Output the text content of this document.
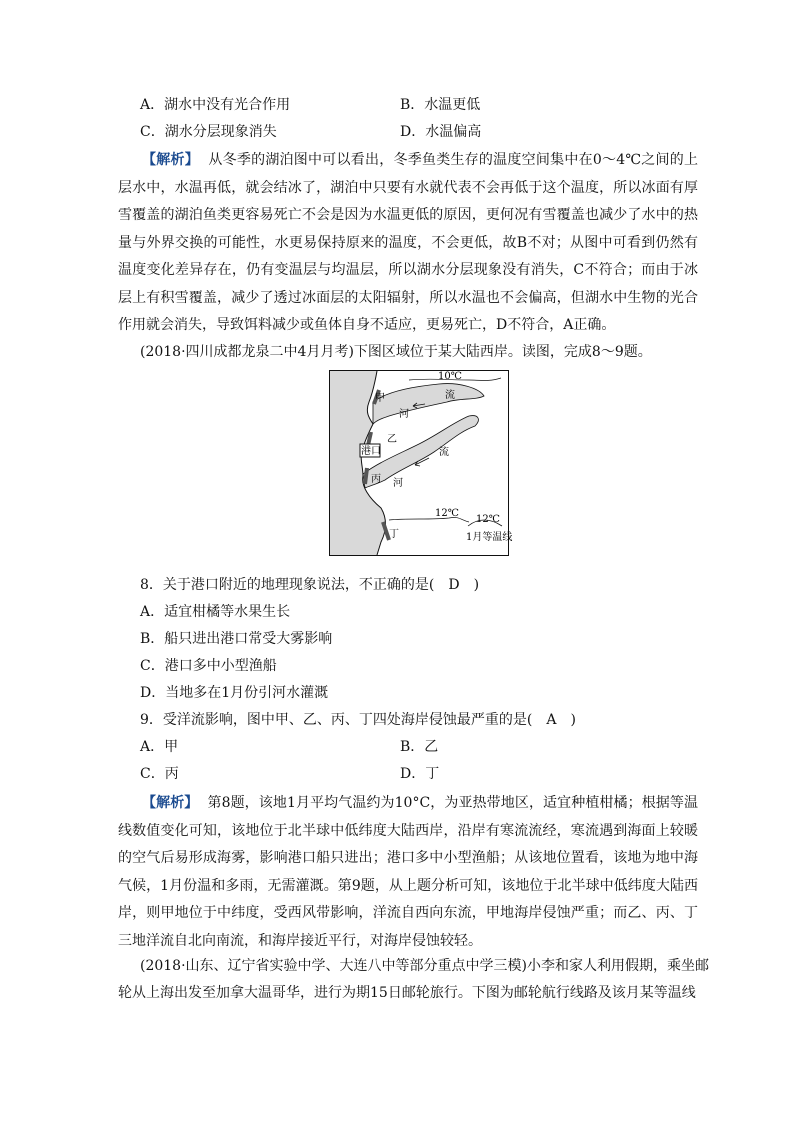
A．湖水中没有光合作用	B．水温更低
C．湖水分层现象消失	D．水温偏高
【解析】 从冬季的湖泊图中可以看出，冬季鱼类生存的温度空间集中在0～4℃之间的上层水中，水温再低，就会结冰了，湖泊中只要有水就代表不会再低于这个温度，所以冰面有厚雪覆盖的湖泊鱼类更容易死亡不会是因为水温更低的原因，更何况有雪覆盖也减少了水中的热量与外界交换的可能性，水更易保持原来的温度，不会更低，故B不对；从图中可看到仍然有温度变化差异存在，仍有变温层与均温层，所以湖水分层现象没有消失，C不符合；而由于冰层上有积雪覆盖，减少了透过冰面层的太阳辐射，所以水温也不会偏高，但湖水中生物的光合作用就会消失，导致饵料减少或鱼体自身不适应，更易死亡，D不符合，A正确。
(2018·四川成都龙泉二中4月月考)下图区域位于某大陆西岸。读图，完成8～9题。
10℃
甲
河
流
乙
港口	流
丙 河
12℃
丁
12℃
1月等温线
8．关于港口附近的地理现象说法，不正确的是(　D　)
A．适宜柑橘等水果生长
B．船只进出港口常受大雾影响
C．港口多中小型渔船
D．当地多在1月份引河水灌溉
9．受洋流影响，图中甲、乙、丙、丁四处海岸侵蚀最严重的是(　A　)
A．甲	B．乙
C．丙	D．丁
【解析】 第8题，该地1月平均气温约为10°C，为亚热带地区，适宜种植柑橘；根据等温线数值变化可知，该地位于北半球中低纬度大陆西岸，沿岸有寒流流经，寒流遇到海面上较暖的空气后易形成海雾，影响港口船只进出；港口多中小型渔船；从该地位置看，该地为地中海气候，1月份温和多雨，无需灌溉。第9题，从上题分析可知，该地位于北半球中低纬度大陆西岸，则甲地位于中纬度，受西风带影响，洋流自西向东流，甲地海岸侵蚀严重；而乙、丙、丁三地洋流自北向南流，和海岸接近平行，对海岸侵蚀较轻。
(2018·山东、辽宁省实验中学、大连八中等部分重点中学三模)小李和家人利用假期，乘坐邮
轮从上海出发至加拿大温哥华，进行为期15日邮轮旅行。下图为邮轮航行线路及该月某等温线
